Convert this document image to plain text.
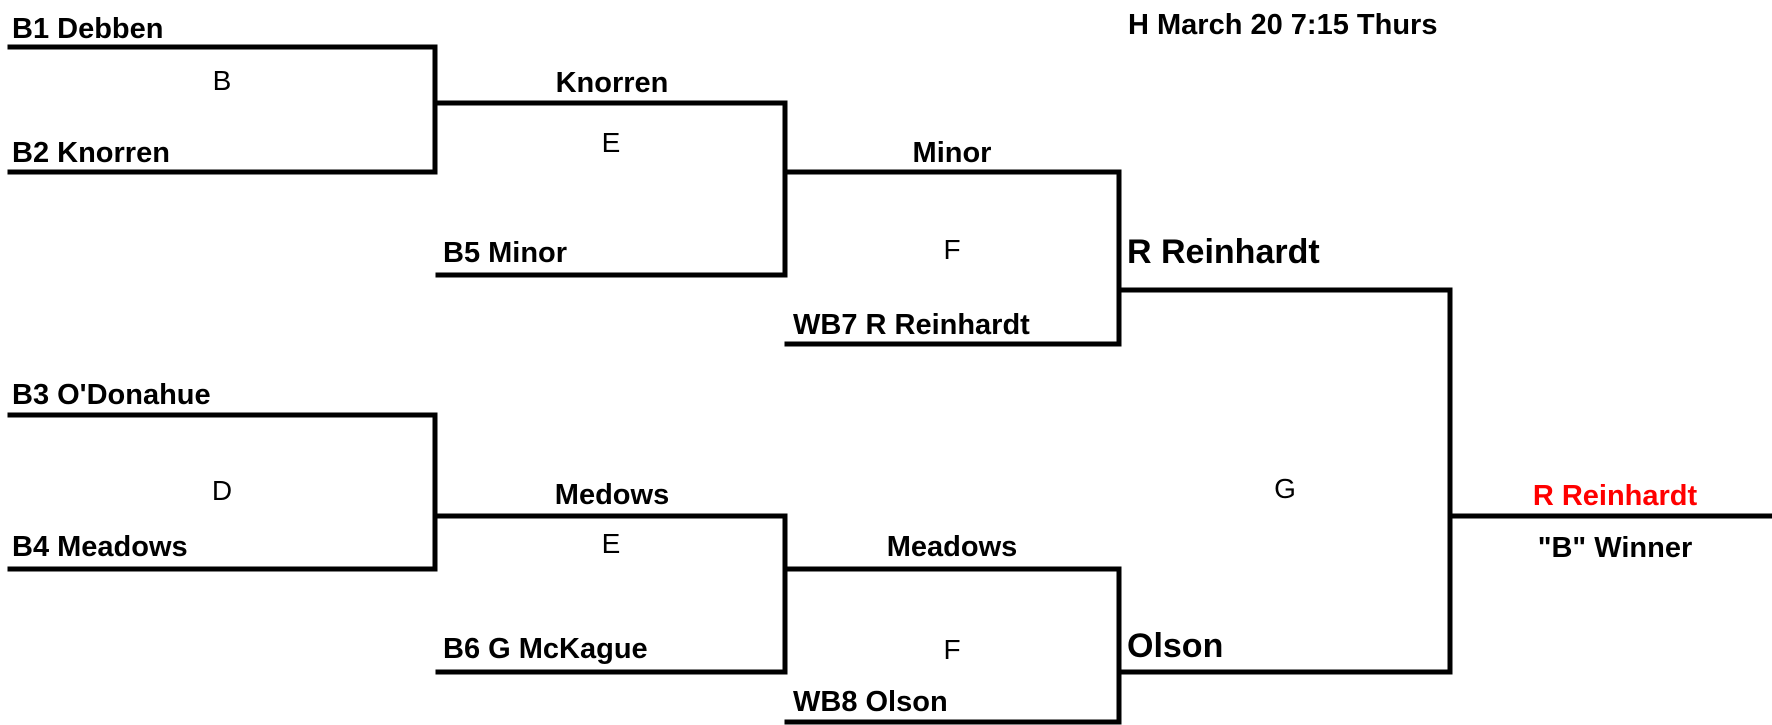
H March 20 7:15 Thurs
B1 Debben
B2 Knorren
B3 O'Donahue
B4 Meadows
Knorren
B5 Minor
Medows
B6 G McKague
Minor
WB7 R Reinhardt
Meadows
WB8 Olson
R Reinhardt
Olson
R Reinhardt
"B" Winner
B
E
F
D
E
F
G
